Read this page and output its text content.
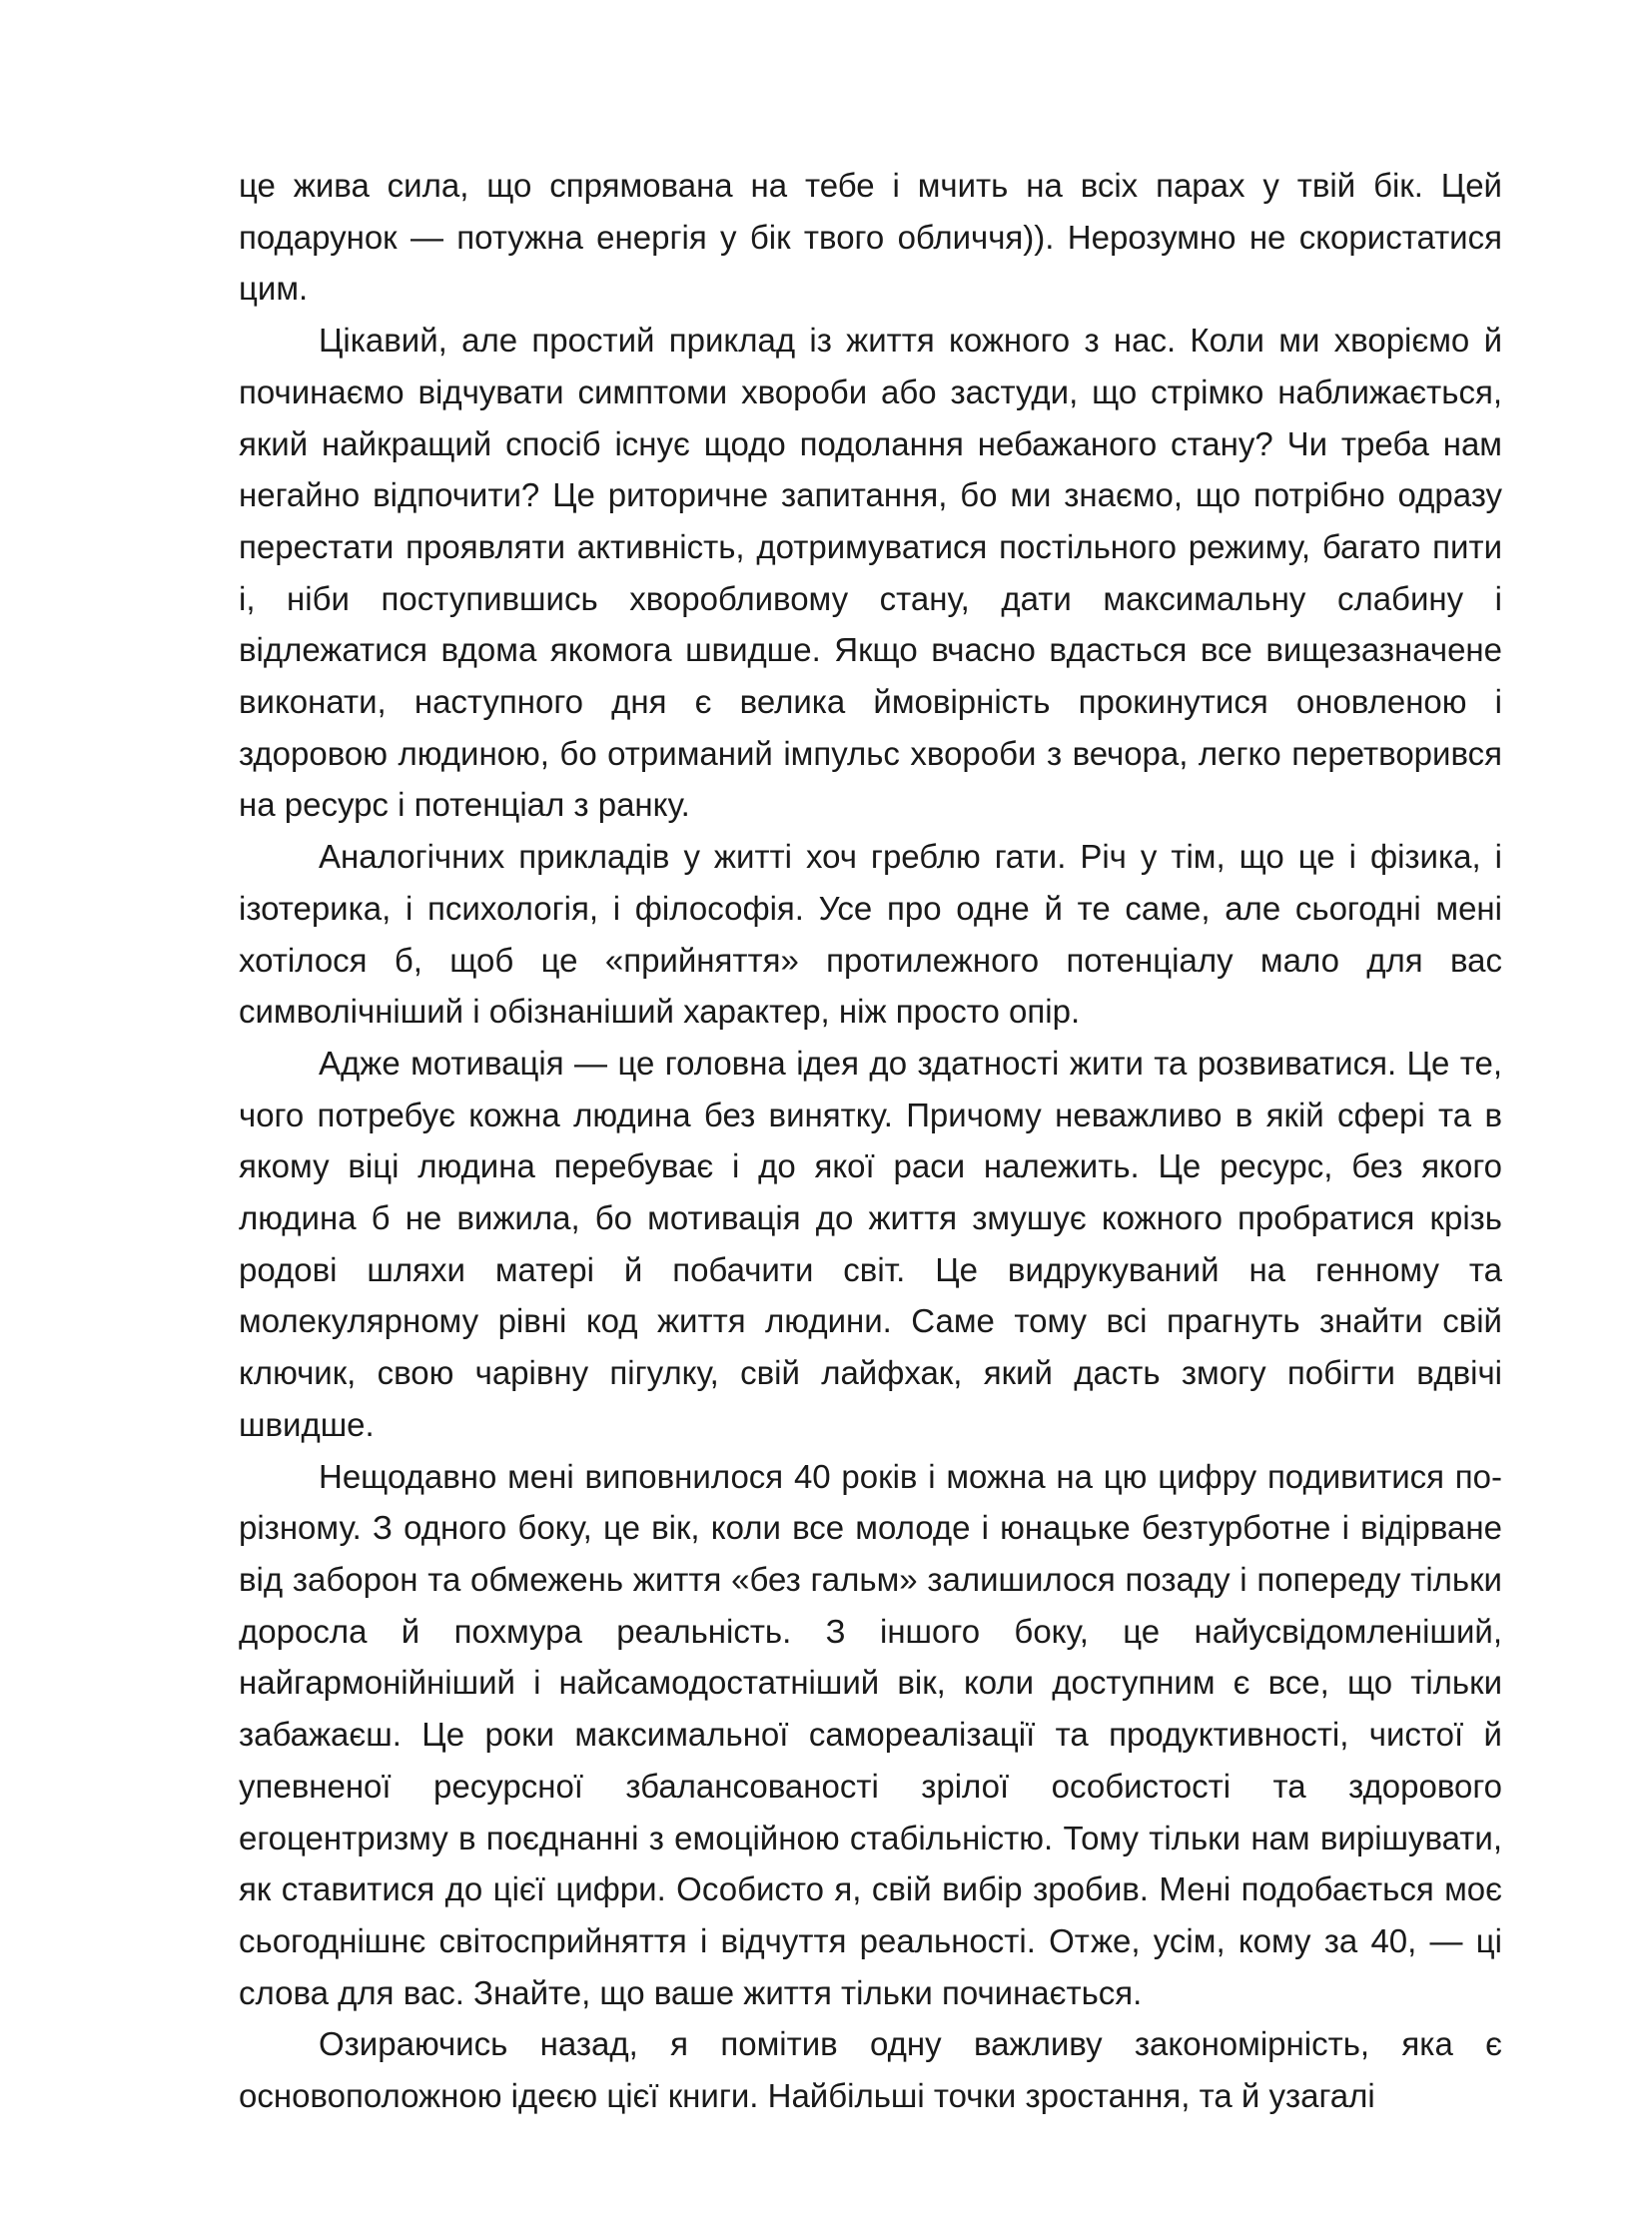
це жива сила, що спрямована на тебе і мчить на всіх парах у твій бік. Цей подарунок — потужна енергія у бік твого обличчя)). Нерозумно не скористатися цим.

Цікавий, але простий приклад із життя кожного з нас. Коли ми хворіємо й починаємо відчувати симптоми хвороби або застуди, що стрімко наближається, який найкращий спосіб існує щодо подолання небажаного стану? Чи треба нам негайно відпочити? Це риторичне запитання, бо ми знаємо, що потрібно одразу перестати проявляти активність, дотримуватися постільного режиму, багато пити і, ніби поступившись хворобливому стану, дати максимальну слабину і відлежатися вдома якомога швидше. Якщо вчасно вдасться все вищезазначене виконати, наступного дня є велика ймовірність прокинутися оновленою і здоровою людиною, бо отриманий імпульс хвороби з вечора, легко перетворився на ресурс і потенціал з ранку.

Аналогічних прикладів у житті хоч греблю гати. Річ у тім, що це і фізика, і ізотерика, і психологія, і філософія. Усе про одне й те саме, але сьогодні мені хотілося б, щоб це «прийняття» протилежного потенціалу мало для вас символічніший і обізнаніший характер, ніж просто опір.

Адже мотивація — це головна ідея до здатності жити та розвиватися. Це те, чого потребує кожна людина без винятку. Причому неважливо в якій сфері та в якому віці людина перебуває і до якої раси належить. Це ресурс, без якого людина б не вижила, бо мотивація до життя змушує кожного пробратися крізь родові шляхи матері й побачити світ. Це видрукуваний на генному та молекулярному рівні код життя людини. Саме тому всі прагнуть знайти свій ключик, свою чарівну пігулку, свій лайфхак, який дасть змогу побігти вдвічі швидше.

Нещодавно мені виповнилося 40 років і можна на цю цифру подивитися по-різному. З одного боку, це вік, коли все молоде і юнацьке безтурботне і відірване від заборон та обмежень життя «без гальм» залишилося позаду і попереду тільки доросла й похмура реальність. З іншого боку, це найусвідомленіший, найгармонійніший і найсамодостатніший вік, коли доступним є все, що тільки забажаєш. Це роки максимальної самореалізації та продуктивності, чистої й упевненої ресурсної збалансованості зрілої особистості та здорового егоцентризму в поєднанні з емоційною стабільністю. Тому тільки нам вирішувати, як ставитися до цієї цифри. Особисто я, свій вибір зробив. Мені подобається моє сьогоднішнє світосприйняття і відчуття реальності. Отже, усім, кому за 40, — ці слова для вас. Знайте, що ваше життя тільки починається.

Озираючись назад, я помітив одну важливу закономірність, яка є основоположною ідеєю цієї книги. Найбільші точки зростання, та й узагалі
